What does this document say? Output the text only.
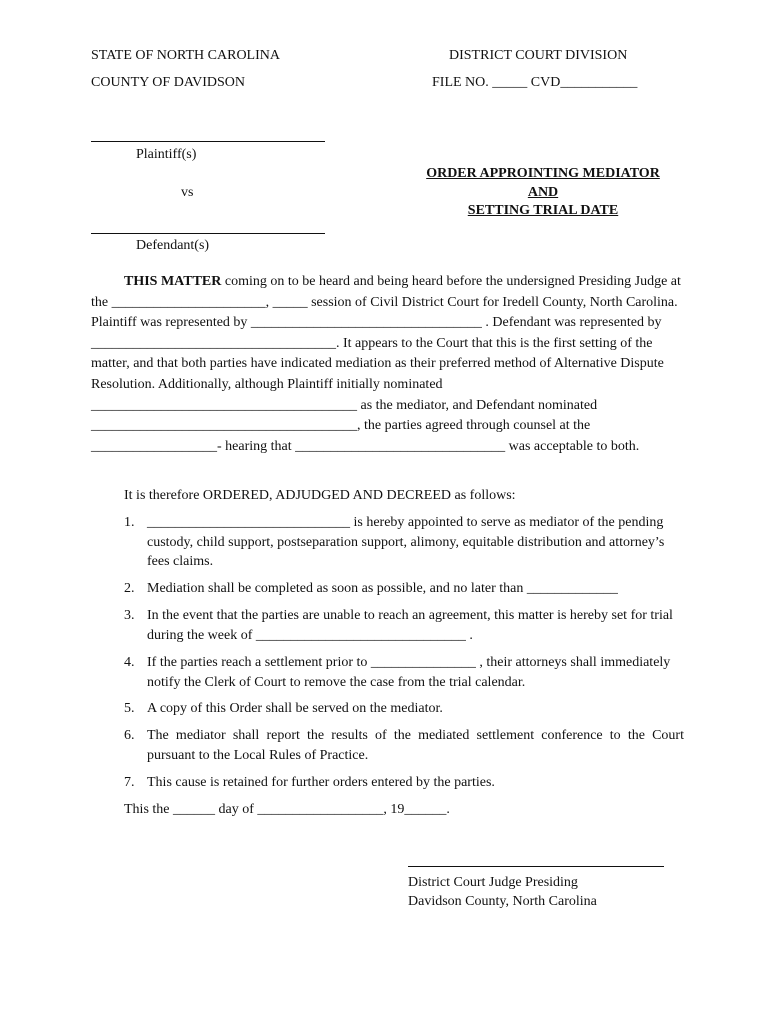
STATE OF NORTH CAROLINA
COUNTY OF DAVIDSON
DISTRICT COURT DIVISION
FILE NO. _____ CVD___________
Plaintiff(s)
vs
Defendant(s)
ORDER APPROINTING MEDIATOR
AND
SETTING TRIAL DATE
THIS MATTER coming on to be heard and being heard before the undersigned Presiding Judge at the ______________________, _____ session of Civil District Court for Iredell County, North Carolina. Plaintiff was represented by _________________________________ . Defendant was represented by ___________________________________. It appears to the Court that this is the first setting of the matter, and that both parties have indicated mediation as their preferred method of Alternative Dispute Resolution. Additionally, although Plaintiff initially nominated ______________________________________ as the mediator, and Defendant nominated ______________________________________, the parties agreed through counsel at the __________________- hearing that ______________________________ was acceptable to both.
It is therefore ORDERED, ADJUDGED AND DECREED as follows:
1. _____________________________ is hereby appointed to serve as mediator of the pending custody, child support, postseparation support, alimony, equitable distribution and attorney’s fees claims.
2. Mediation shall be completed as soon as possible, and no later than _____________
3. In the event that the parties are unable to reach an agreement, this matter is hereby set for trial during the week of ______________________________ .
4. If the parties reach a settlement prior to _______________ , their attorneys shall immediately notify the Clerk of Court to remove the case from the trial calendar.
5. A copy of this Order shall be served on the mediator.
6. The mediator shall report the results of the mediated settlement conference to the Court pursuant to the Local Rules of Practice.
7. This cause is retained for further orders entered by the parties.
This the ______ day of __________________, 19______.
District Court Judge Presiding
Davidson County, North Carolina
